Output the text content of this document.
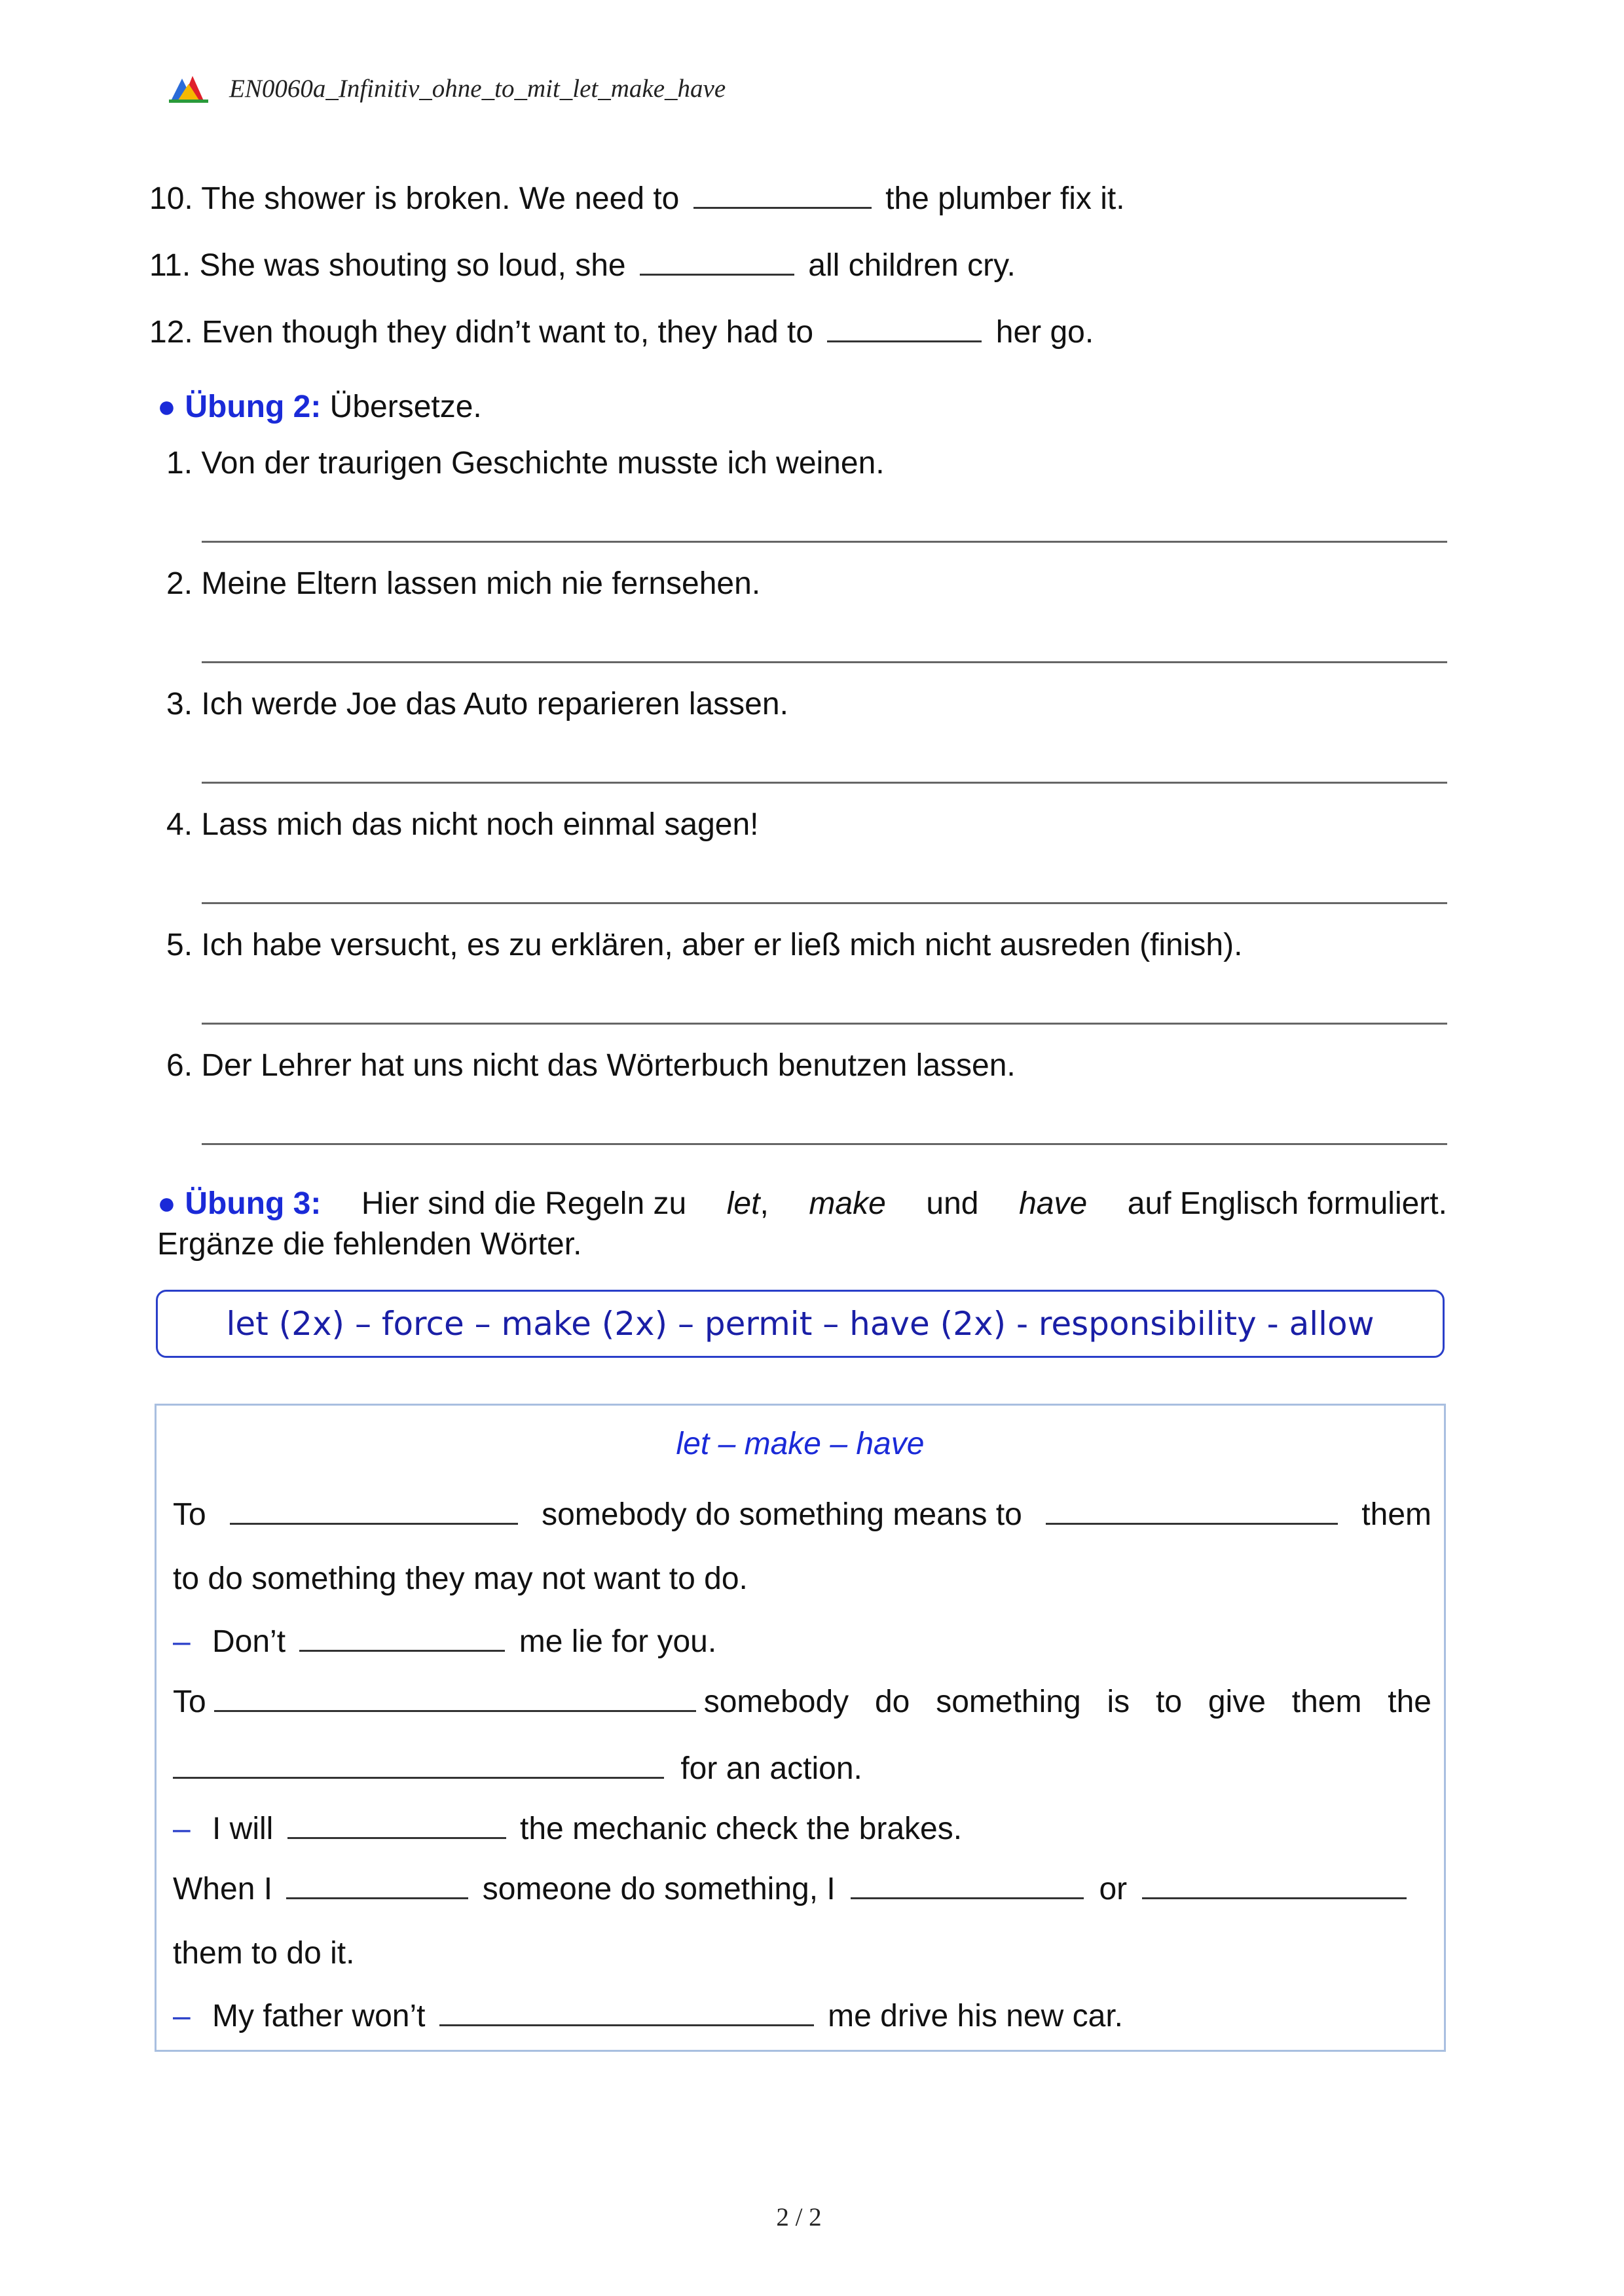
EN0060a_Infinitiv_ohne_to_mit_let_make_have
10. The shower is broken. We need to	the plumber fix it.
11. She was shouting so loud, she	all children cry.
12. Even though they didn’t want to, they had to	her go.
● Übung 2: Übersetze.
1. Von der traurigen Geschichte musste ich weinen.
2. Meine Eltern lassen mich nie fernsehen.
3. Ich werde Joe das Auto reparieren lassen.
4. Lass mich das nicht noch einmal sagen!
5. Ich habe versucht, es zu erklären, aber er ließ mich nicht ausreden (finish).
6. Der Lehrer hat uns nicht das Wörterbuch benutzen lassen.
● Übung 3: Hier sind die Regeln zu let, make und have auf Englisch formuliert.
Ergänze die fehlenden Wörter.
let (2x) – force – make (2x) – permit – have (2x) - responsibility - allow
let – make – have
To	somebody do something means to	them
to do something they may not want to do.
– Don’t	me lie for you.
To	somebody do something is to give them the
for an action.
– I will	the mechanic check the brakes.
When I	someone do something, I	or
them to do it.
– My father won’t	me drive his new car.
2 / 2
